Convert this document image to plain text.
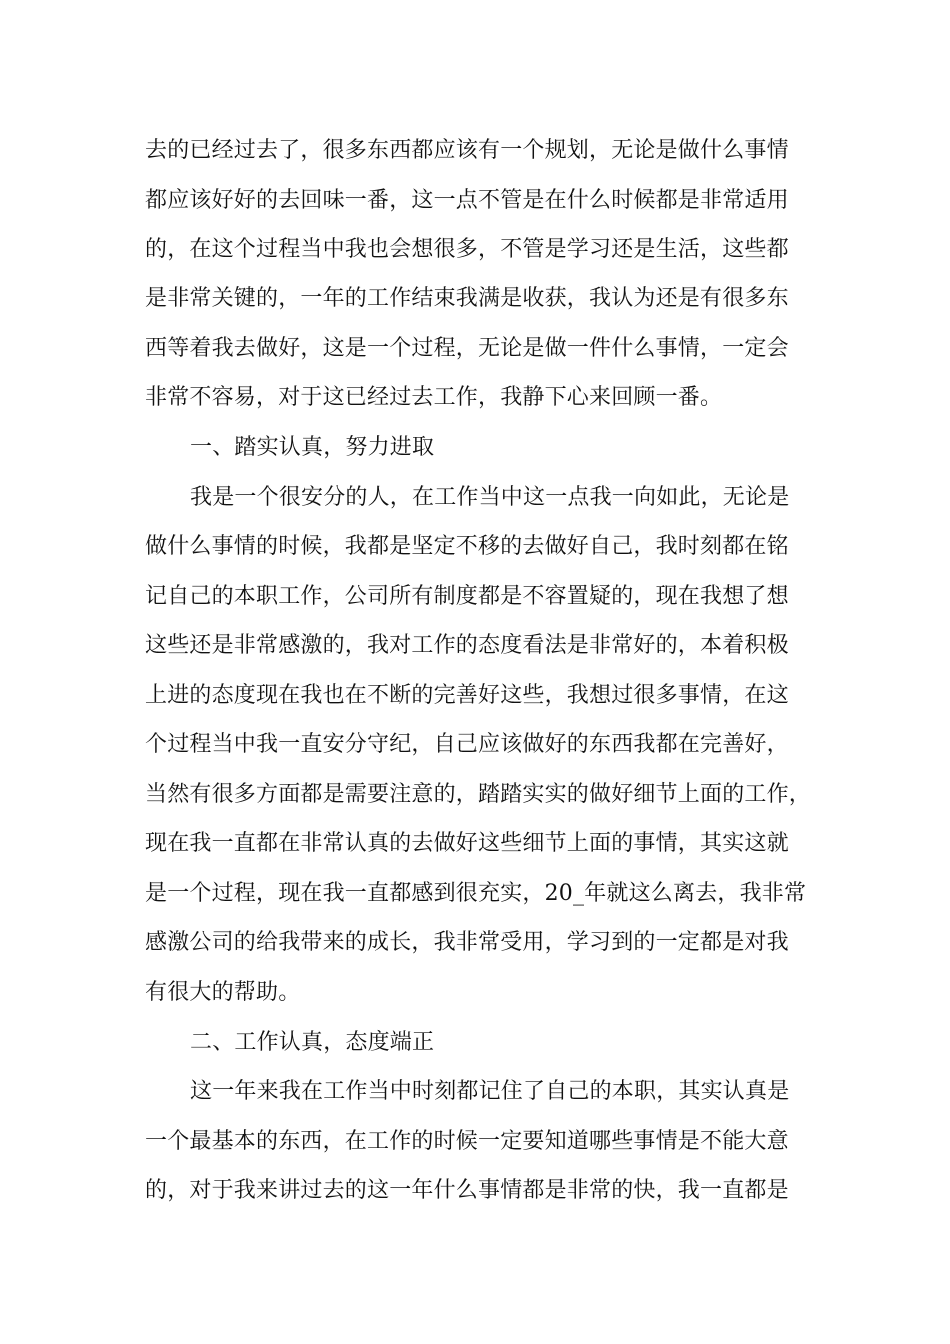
去的已经过去了，很多东西都应该有一个规划，无论是做什么事情
都应该好好的去回味一番，这一点不管是在什么时候都是非常适用
的，在这个过程当中我也会想很多，不管是学习还是生活，这些都
是非常关键的，一年的工作结束我满是收获，我认为还是有很多东
西等着我去做好，这是一个过程，无论是做一件什么事情，一定会
非常不容易，对于这已经过去工作，我静下心来回顾一番。
一、踏实认真，努力进取
我是一个很安分的人，在工作当中这一点我一向如此，无论是
做什么事情的时候，我都是坚定不移的去做好自己，我时刻都在铭
记自己的本职工作，公司所有制度都是不容置疑的，现在我想了想
这些还是非常感激的，我对工作的态度看法是非常好的，本着积极
上进的态度现在我也在不断的完善好这些，我想过很多事情，在这
个过程当中我一直安分守纪，自己应该做好的东西我都在完善好，
当然有很多方面都是需要注意的，踏踏实实的做好细节上面的工作，
现在我一直都在非常认真的去做好这些细节上面的事情，其实这就
是一个过程，现在我一直都感到很充实，20_年就这么离去，我非常
感激公司的给我带来的成长，我非常受用，学习到的一定都是对我
有很大的帮助。
二、工作认真，态度端正
这一年来我在工作当中时刻都记住了自己的本职，其实认真是
一个最基本的东西，在工作的时候一定要知道哪些事情是不能大意
的，对于我来讲过去的这一年什么事情都是非常的快，我一直都是
